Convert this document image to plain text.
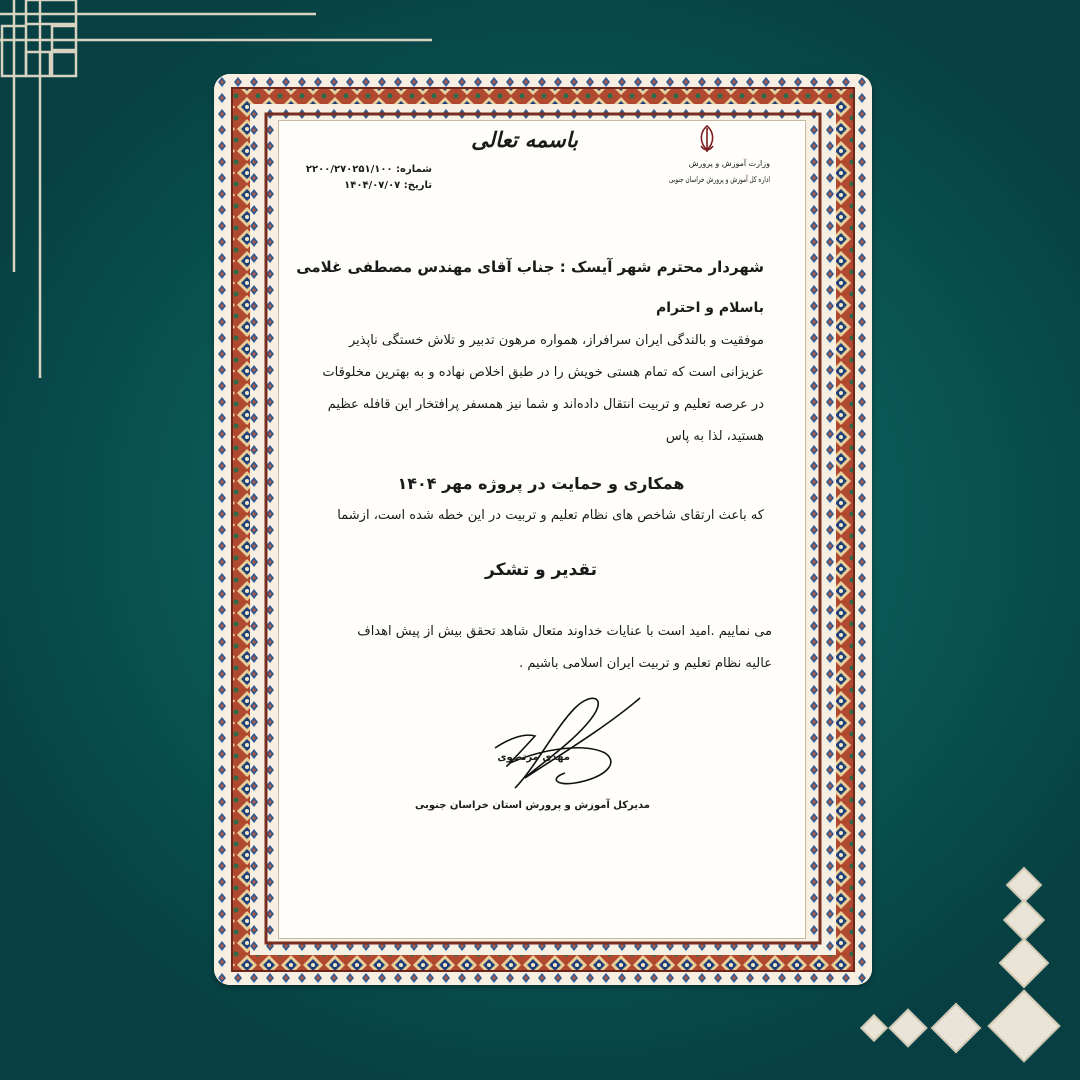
باسمه تعالی
وزارت آموزش و پرورش
اداره کل آموزش و پرورش خراسان جنوبی
شماره: ۲۲۰۰/۲۷۰۲۵۱/۱۰۰
تاریخ: ۱۴۰۴/۰۷/۰۷
شهردار محترم شهر آیسک : جناب آقای مهندس مصطفی غلامی
باسلام و احترام
موفقیت و بالندگی ایران سرافراز، همواره مرهون تدبیر و تلاش خستگی ناپذیر
عزیزانی است که تمام هستی خویش را در طبق اخلاص نهاده و به بهترین مخلوقات
در عرصه تعلیم و تربیت انتقال داده‌اند و شما نیز همسفر پرافتخار این قافله عظیم
هستید، لذا به پاس
همکاری و حمایت در پروژه مهر ۱۴۰۴
که باعث ارتقای شاخص های نظام تعلیم و تربیت در این خطه شده است، ازشما
تقدیر و تشکر
می نماییم .امید است با عنایات خداوند متعال شاهد تحقق بیش از پیش اهداف
عالیه نظام تعلیم و تربیت ایران اسلامی باشیم .
مهدی مرتضوی
مدیرکل آموزش و پرورش استان خراسان جنوبی
